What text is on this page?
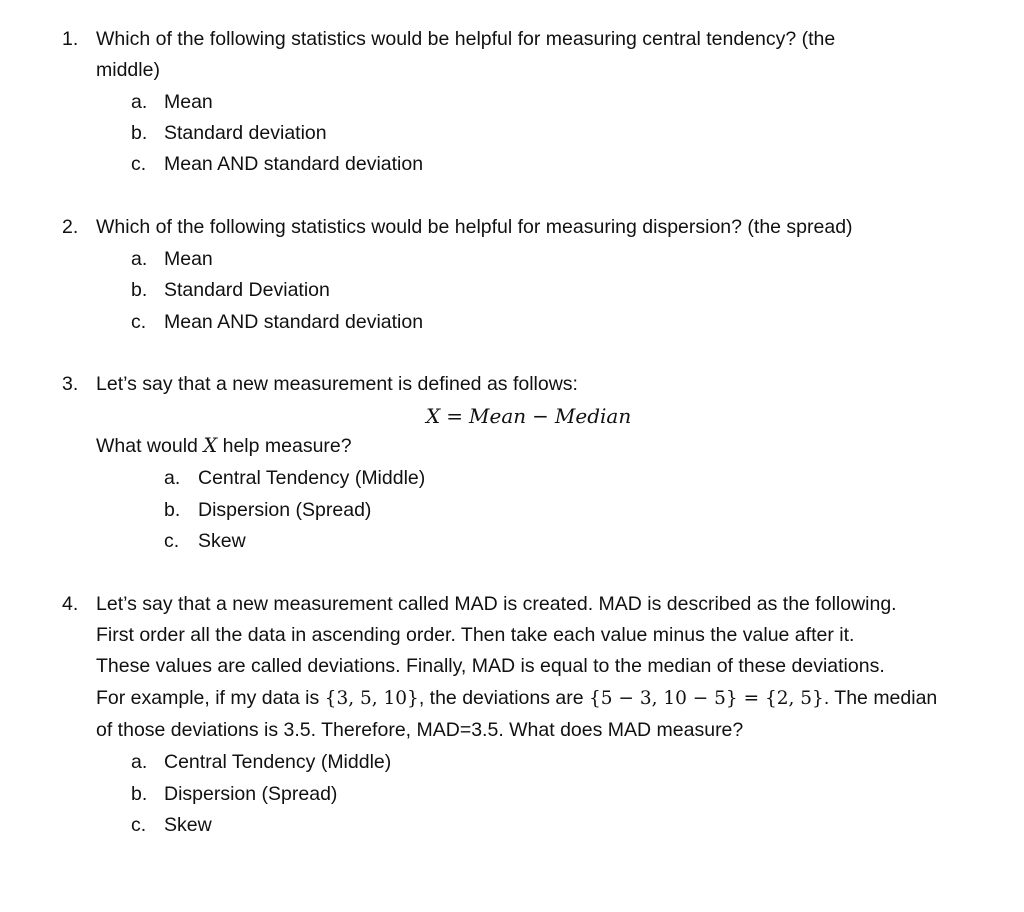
1. Which of the following statistics would be helpful for measuring central tendency? (the
middle)
a. Mean
b. Standard deviation
c. Mean AND standard deviation
2. Which of the following statistics would be helpful for measuring dispersion? (the spread)
a. Mean
b. Standard Deviation
c. Mean AND standard deviation
3. Let’s say that a new measurement is defined as follows:
X = Mean − Median
What would X help measure?
a. Central Tendency (Middle)
b. Dispersion (Spread)
c. Skew
4. Let’s say that a new measurement called MAD is created. MAD is described as the following.
First order all the data in ascending order. Then take each value minus the value after it.
These values are called deviations. Finally, MAD is equal to the median of these deviations.
For example, if my data is {3, 5, 10}, the deviations are {5 − 3, 10 − 5} = {2, 5}. The median
of those deviations is 3.5. Therefore, MAD=3.5. What does MAD measure?
a. Central Tendency (Middle)
b. Dispersion (Spread)
c. Skew
